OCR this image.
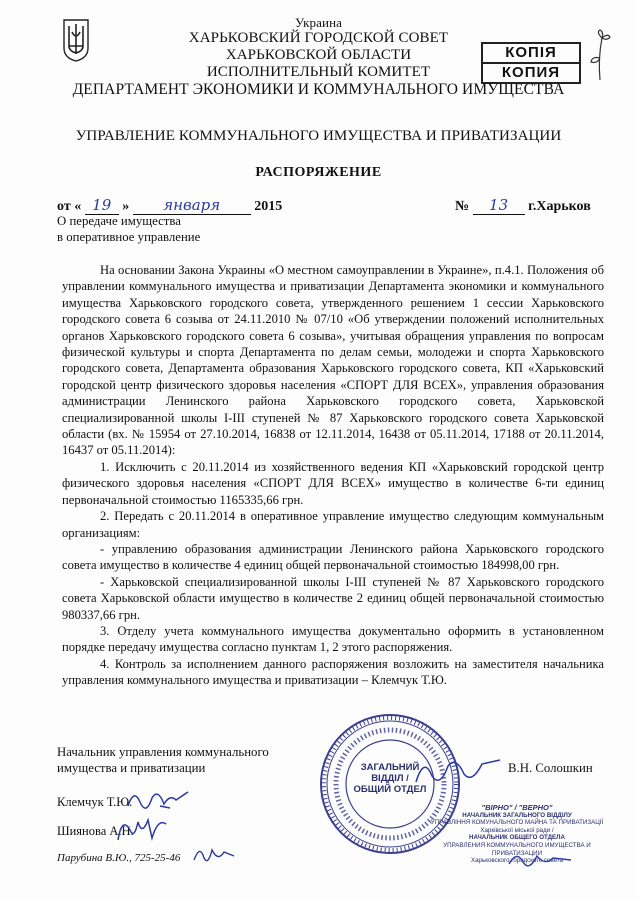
Украина
ХАРЬКОВСКИЙ ГОРОДСКОЙ СОВЕТ
ХАРЬКОВСКОЙ ОБЛАСТИ
ИСПОЛНИТЕЛЬНЫЙ КОМИТЕТ
ДЕПАРТАМЕНТ ЭКОНОМИКИ И КОММУНАЛЬНОГО ИМУЩЕСТВА
УПРАВЛЕНИЕ КОММУНАЛЬНОГО ИМУЩЕСТВА И ПРИВАТИЗАЦИИ
РАСПОРЯЖЕНИЕ
КОПІЯ
КОПИЯ
от « 19 » января 2015	№ 13 г.Харьков
О передаче имущества
в оперативное управление

На основании Закона Украины «О местном самоуправлении в Украине», п.4.1. Положения об управлении коммунального имущества и приватизации Департамента экономики и коммунального имущества Харьковского городского совета, утвержденного решением 1 сессии Харьковского городского совета 6 созыва от 24.11.2010 № 07/10 «Об утверждении положений исполнительных органов Харьковского городского совета 6 созыва», учитывая обращения управления по вопросам физической культуры и спорта Департамента по делам семьи, молодежи и спорта Харьковского городского совета, Департамента образования Харьковского городского совета, КП «Харьковский городской центр физического здоровья населения «СПОРТ ДЛЯ ВСЕХ», управления образования администрации Ленинского района Харьковского городского совета, Харьковской специализированной школы I-III ступеней № 87 Харьковского городского совета Харьковской области (вх. № 15954 от 27.10.2014, 16838 от 12.11.2014, 16438 от 05.11.2014, 17188 от 20.11.2014, 16437 от 05.11.2014):

1. Исключить с 20.11.2014 из хозяйственного ведения КП «Харьковский городской центр физического здоровья населения «СПОРТ ДЛЯ ВСЕХ» имущество в количестве 6-ти единиц первоначальной стоимостью 1165335,66 грн.

2. Передать с 20.11.2014 в оперативное управление имущество следующим коммунальным организациям:

- управлению образования администрации Ленинского района Харьковского городского совета имущество в количестве 4 единиц общей первоначальной стоимостью 184998,00 грн.

- Харьковской специализированной школы I-III ступеней № 87 Харьковского городского совета Харьковской области имущество в количестве 2 единиц общей первоначальной стоимостью 980337,66 грн.

3. Отделу учета коммунального имущества документально оформить в установленном порядке передачу имущества согласно пунктам 1, 2 этого распоряжения.

4. Контроль за исполнением данного распоряжения возложить на заместителя начальника управления коммунального имущества и приватизации – Клемчук Т.Ю.

Начальник управления коммунального
имущества и приватизации	В.Н. Солошкин
Клемчук Т.Ю.
Шиянова А.Н.
Парубина В.Ю., 725-25-46
ЗАГАЛЬНИЙ
ВІДДІЛ /
ОБЩИЙ ОТДЕЛ
"ВІРНО" / "ВЕРНО"
НАЧАЛЬНИК ЗАГАЛЬНОГО ВІДДІЛУ
УПРАВЛІННЯ КОМУНАЛЬНОГО МАЙНА ТА ПРИВАТИЗАЦІЇ
Харківської міської ради /
НАЧАЛЬНИК ОБЩЕГО ОТДЕЛА
УПРАВЛЕНИЯ КОММУНАЛЬНОГО ИМУЩЕСТВА И ПРИВАТИЗАЦИИ
Харьковского городского совета
